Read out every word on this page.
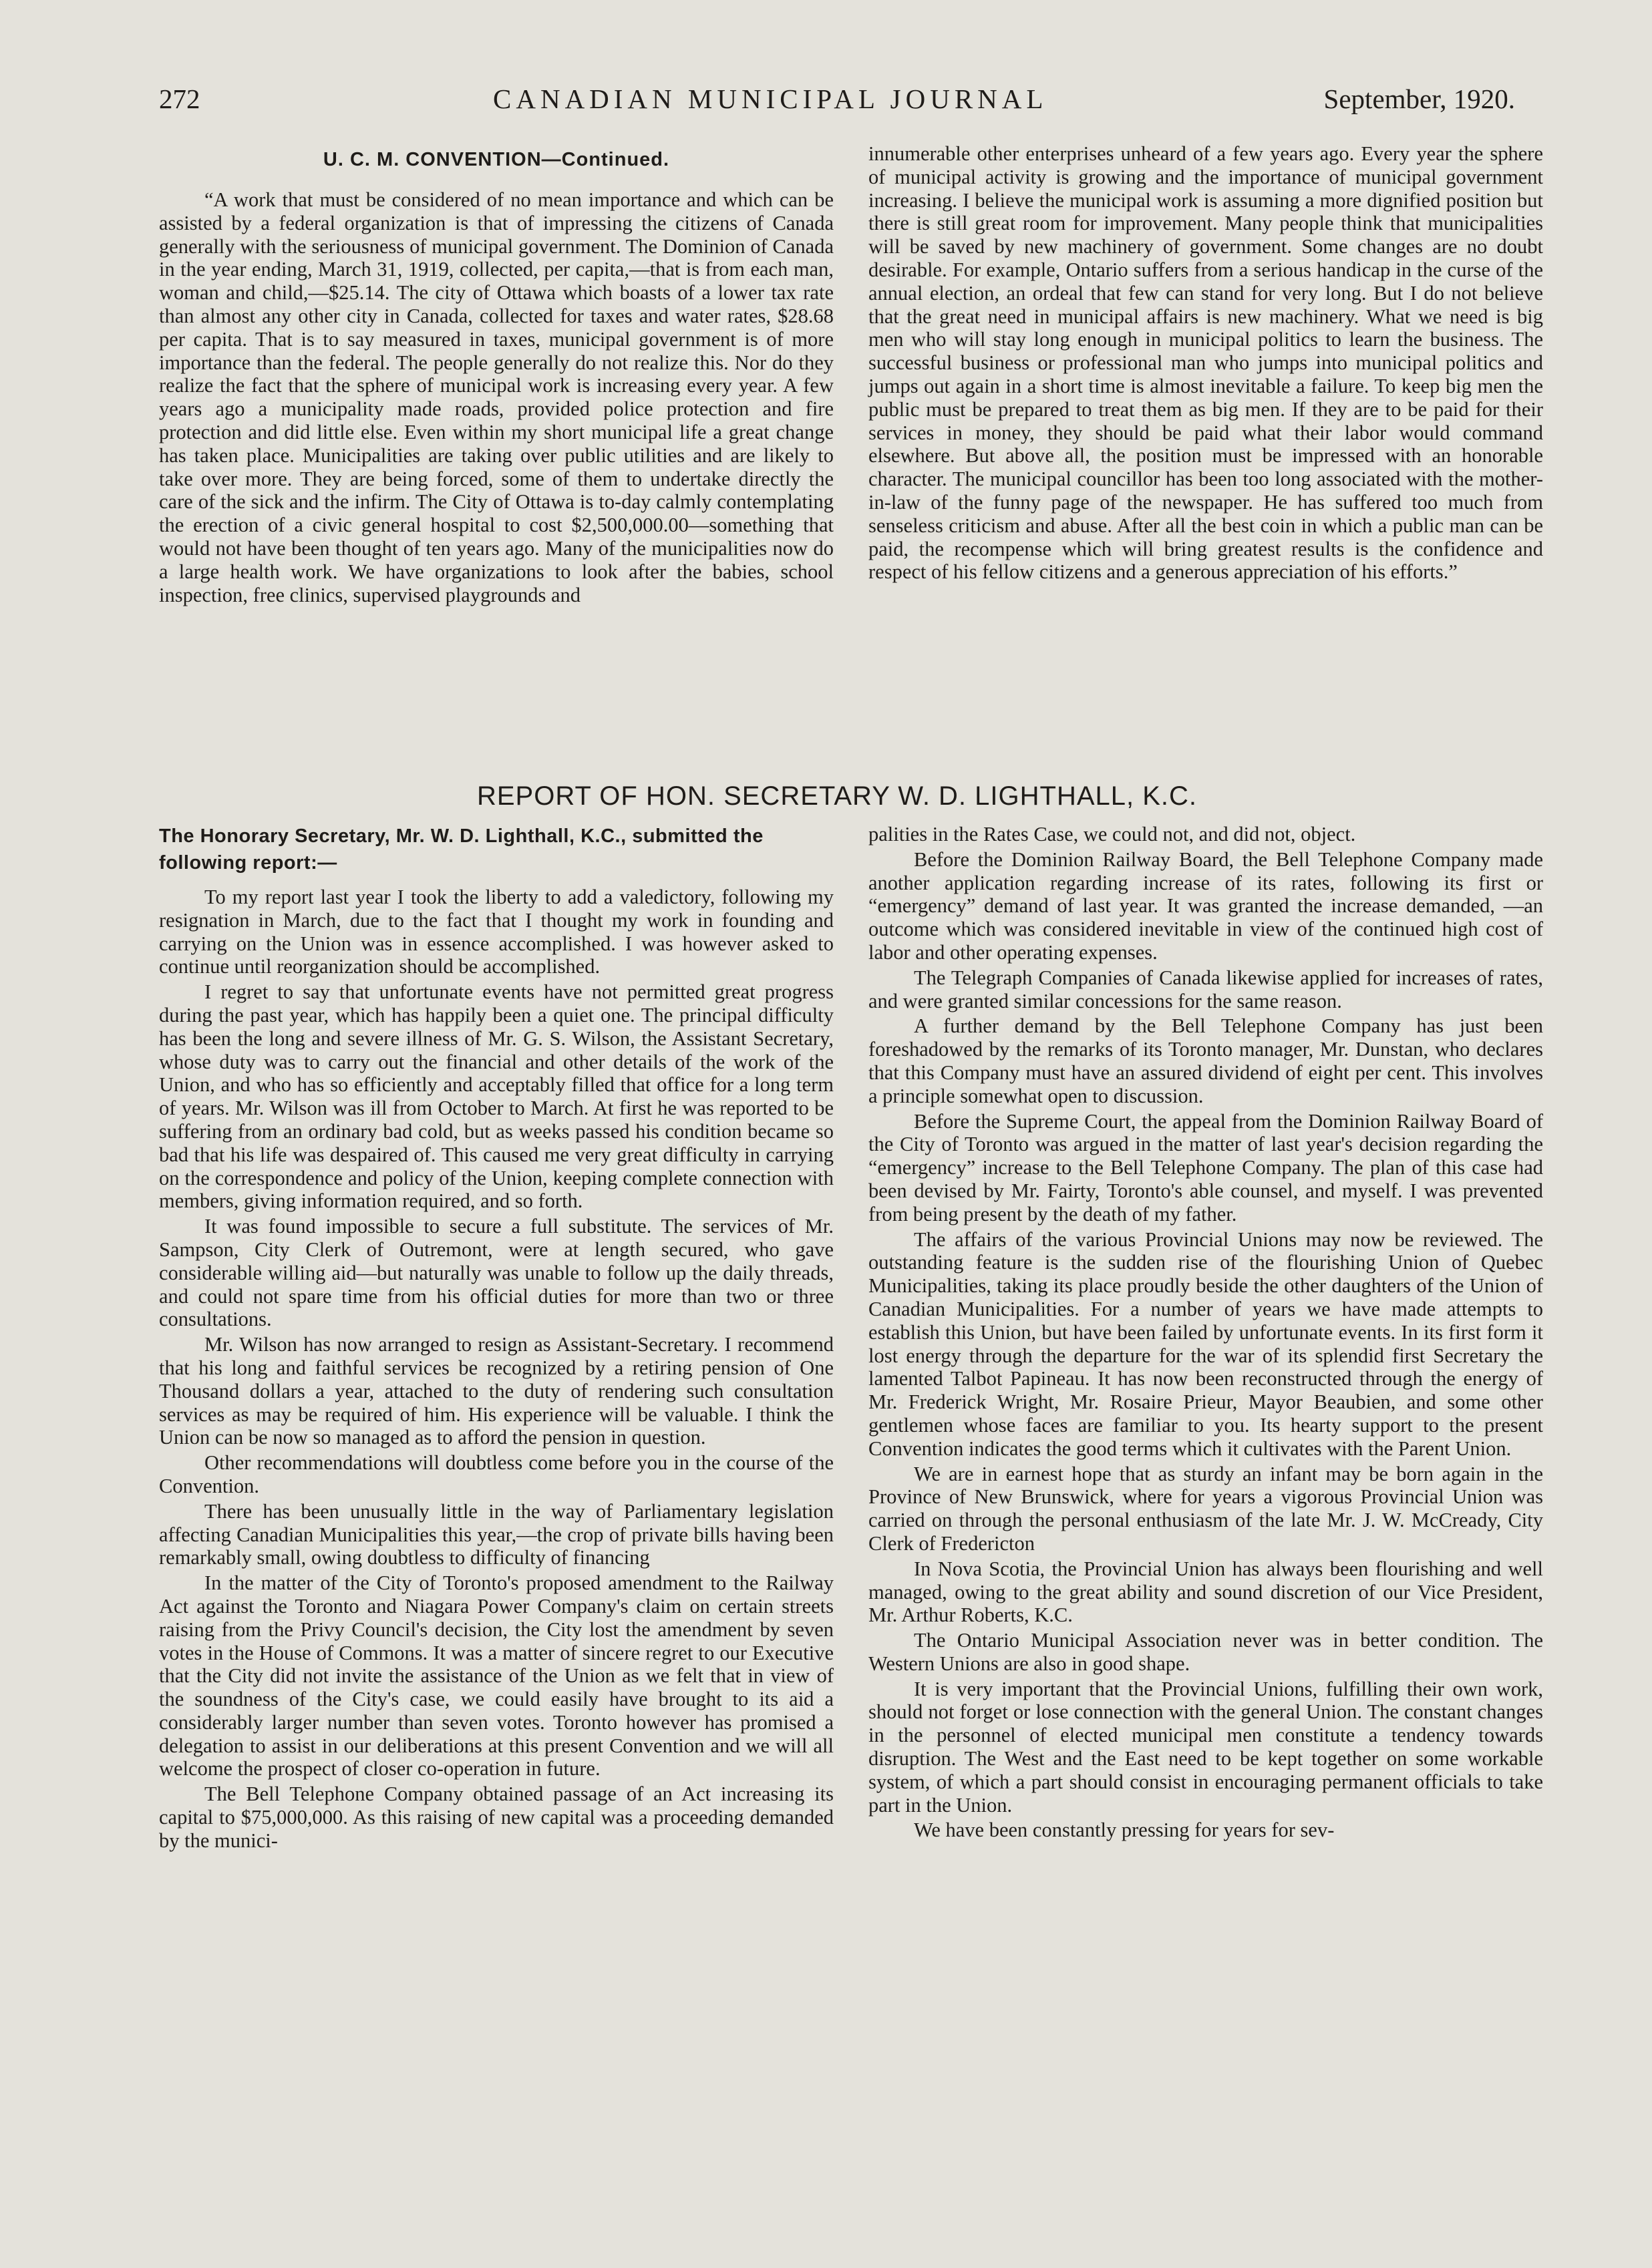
272	CANADIAN MUNICIPAL JOURNAL	September, 1920.
U. C. M. CONVENTION—Continued.

“A work that must be considered of no mean importance and which can be assisted by a federal organization is that of impressing the citizens of Canada generally with the seriousness of municipal government. The Dominion of Canada in the year ending, March 31, 1919, collected, per capita,—that is from each man, woman and child,—$25.14. The city of Ottawa which boasts of a lower tax rate than almost any other city in Canada, collected for taxes and water rates, $28.68 per capita. That is to say measured in taxes, municipal government is of more importance than the federal. The people generally do not realize this. Nor do they realize the fact that the sphere of municipal work is increasing every year. A few years ago a municipality made roads, provided police protection and fire protection and did little else. Even within my short municipal life a great change has taken place. Municipalities are taking over public utilities and are likely to take over more. They are being forced, some of them to undertake directly the care of the sick and the infirm. The City of Ottawa is to-day calmly contemplating the erection of a civic general hospital to cost $2,500,000.00—something that would not have been thought of ten years ago. Many of the municipalities now do a large health work. We have organizations to look after the babies, school inspection, free clinics, supervised playgrounds and

innumerable other enterprises unheard of a few years ago. Every year the sphere of municipal activity is growing and the importance of municipal government increasing. I believe the municipal work is assuming a more dignified position but there is still great room for improvement. Many people think that municipalities will be saved by new machinery of government. Some changes are no doubt desirable. For example, Ontario suffers from a serious handicap in the curse of the annual election, an ordeal that few can stand for very long. But I do not believe that the great need in municipal affairs is new machinery. What we need is big men who will stay long enough in municipal politics to learn the business. The successful business or professional man who jumps into municipal politics and jumps out again in a short time is almost inevitable a failure. To keep big men the public must be prepared to treat them as big men. If they are to be paid for their services in money, they should be paid what their labor would command elsewhere. But above all, the position must be impressed with an honorable character. The municipal councillor has been too long associated with the mother-in-law of the funny page of the newspaper. He has suffered too much from senseless criticism and abuse. After all the best coin in which a public man can be paid, the recompense which will bring greatest results is the confidence and respect of his fellow citizens and a generous appreciation of his efforts.”

REPORT OF HON. SECRETARY W. D. LIGHTHALL, K.C.
The Honorary Secretary, Mr. W. D. Lighthall, K.C., submitted the following report:—

To my report last year I took the liberty to add a valedictory, following my resignation in March, due to the fact that I thought my work in founding and carrying on the Union was in essence accomplished. I was however asked to continue until reorganization should be accomplished.

I regret to say that unfortunate events have not permitted great progress during the past year, which has happily been a quiet one. The principal difficulty has been the long and severe illness of Mr. G. S. Wilson, the Assistant Secretary, whose duty was to carry out the financial and other details of the work of the Union, and who has so efficiently and acceptably filled that office for a long term of years. Mr. Wilson was ill from October to March. At first he was reported to be suffering from an ordinary bad cold, but as weeks passed his condition became so bad that his life was despaired of. This caused me very great difficulty in carrying on the correspondence and policy of the Union, keeping complete connection with members, giving information required, and so forth.

It was found impossible to secure a full substitute. The services of Mr. Sampson, City Clerk of Outremont, were at length secured, who gave considerable willing aid—but naturally was unable to follow up the daily threads, and could not spare time from his official duties for more than two or three consultations.

Mr. Wilson has now arranged to resign as Assistant-Secretary. I recommend that his long and faithful services be recognized by a retiring pension of One Thousand dollars a year, attached to the duty of rendering such consultation services as may be required of him. His experience will be valuable. I think the Union can be now so managed as to afford the pension in question.

Other recommendations will doubtless come before you in the course of the Convention.

There has been unusually little in the way of Parliamentary legislation affecting Canadian Municipalities this year,—the crop of private bills having been remarkably small, owing doubtless to difficulty of financing

In the matter of the City of Toronto's proposed amendment to the Railway Act against the Toronto and Niagara Power Company's claim on certain streets raising from the Privy Council's decision, the City lost the amendment by seven votes in the House of Commons. It was a matter of sincere regret to our Executive that the City did not invite the assistance of the Union as we felt that in view of the soundness of the City's case, we could easily have brought to its aid a considerably larger number than seven votes. Toronto however has promised a delegation to assist in our deliberations at this present Convention and we will all welcome the prospect of closer co-operation in future.

The Bell Telephone Company obtained passage of an Act increasing its capital to $75,000,000. As this raising of new capital was a proceeding demanded by the munici-

palities in the Rates Case, we could not, and did not, object.

Before the Dominion Railway Board, the Bell Telephone Company made another application regarding increase of its rates, following its first or “emergency” demand of last year. It was granted the increase demanded, —an outcome which was considered inevitable in view of the continued high cost of labor and other operating expenses.

The Telegraph Companies of Canada likewise applied for increases of rates, and were granted similar concessions for the same reason.

A further demand by the Bell Telephone Company has just been foreshadowed by the remarks of its Toronto manager, Mr. Dunstan, who declares that this Company must have an assured dividend of eight per cent. This involves a principle somewhat open to discussion.

Before the Supreme Court, the appeal from the Dominion Railway Board of the City of Toronto was argued in the matter of last year's decision regarding the “emergency” increase to the Bell Telephone Company. The plan of this case had been devised by Mr. Fairty, Toronto's able counsel, and myself. I was prevented from being present by the death of my father.

The affairs of the various Provincial Unions may now be reviewed. The outstanding feature is the sudden rise of the flourishing Union of Quebec Municipalities, taking its place proudly beside the other daughters of the Union of Canadian Municipalities. For a number of years we have made attempts to establish this Union, but have been failed by unfortunate events. In its first form it lost energy through the departure for the war of its splendid first Secretary the lamented Talbot Papineau. It has now been reconstructed through the energy of Mr. Frederick Wright, Mr. Rosaire Prieur, Mayor Beaubien, and some other gentlemen whose faces are familiar to you. Its hearty support to the present Convention indicates the good terms which it cultivates with the Parent Union.

We are in earnest hope that as sturdy an infant may be born again in the Province of New Brunswick, where for years a vigorous Provincial Union was carried on through the personal enthusiasm of the late Mr. J. W. McCready, City Clerk of Fredericton

In Nova Scotia, the Provincial Union has always been flourishing and well managed, owing to the great ability and sound discretion of our Vice President, Mr. Arthur Roberts, K.C.

The Ontario Municipal Association never was in better condition. The Western Unions are also in good shape.

It is very important that the Provincial Unions, fulfilling their own work, should not forget or lose connection with the general Union. The constant changes in the personnel of elected municipal men constitute a tendency towards disruption. The West and the East need to be kept together on some workable system, of which a part should consist in encouraging permanent officials to take part in the Union.

We have been constantly pressing for years for sev-
